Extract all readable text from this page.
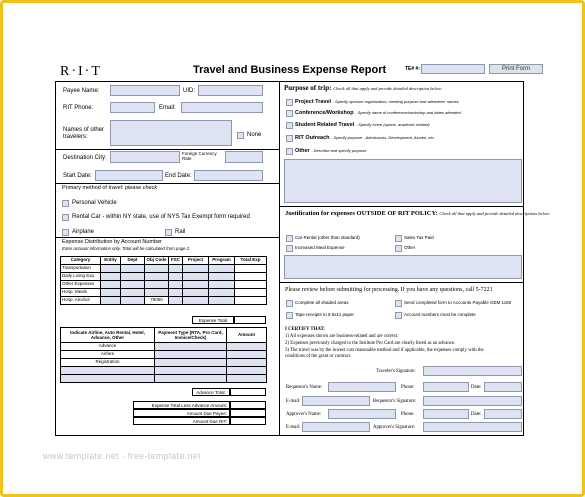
R·I·T	Travel and Business Expense Report	TE# #:	Print Form
Payee Name:	UID:
RIT Phone:	Email:
Names of other travelers:	None
Destination City:
Foreign Currency Rate
Start Date:	End Date:
Primary method of travel: please check
Personal Vehicle
Rental Car - within NY state, use of NYS Tax Exempt form required
Airplane	Rail
Expense Distribution by Account Number
Enter account information only. Total will be calculated from page 2.
Category	Entity	Dept	Obj Code	FSC	Project	Program	Total Exp
Transportation							
Daily Living Exp.							
Other Expenses							
Hosp. Meals							
Hosp. Alcohol			79050				
Expense Total
Indicate Airline, Auto Rental, Hotel, Advance, Other	Payment Type (RTA, Pro Card, Invoice/Check)	Amount
Advance		
Airfare		
Registration		

Advance Total:
Expense Total Less Advance Amount:
Amount Due Payee:
Amount Due RIT:
Purpose of trip: Check all that apply and provide detailed description below:
Project Travel - Specify sponsor organization, meeting purpose and attendees' names
Conference/Workshop - Specify name of conference/workshop and dates attended
Student Related Travel - Specify event (sports, academic related)
RIT Outreach - Specify purpose - Admissions, Development, Alumni, etc.
Other - Describe and specify purpose
Justification for expenses OUTSIDE OF RIT POLICY: Check all that apply and provide detailed descriptions below:
Car Rental (other than standard)	Sales Tax Paid
Increased Meal Expense	Other
Please review before submitting for processing. If you have any questions, call 5-7221
Complete all shaded areas	Send completed form to Accounts Payable GEM 1160
Tape receipts to 8.5x11 paper	Account numbers must be complete
I CERTIFY THAT:
1) All expenses shown are business-related and are correct.
2) Expenses previously charged to the Institute Pro Card are clearly listed as an advance.
3) The travel was by the lowest cost reasonable method and if applicable, the expenses comply with the
conditions of the grant or contract.
Traveler's Signature:
Requestor's Name:	Phone:	Date:
E-mail:	Requestor's Signature:
Approver's Name:	Phone:	Date:
E-mail:	Approver's Signature:
www.template.net · free-template.net
